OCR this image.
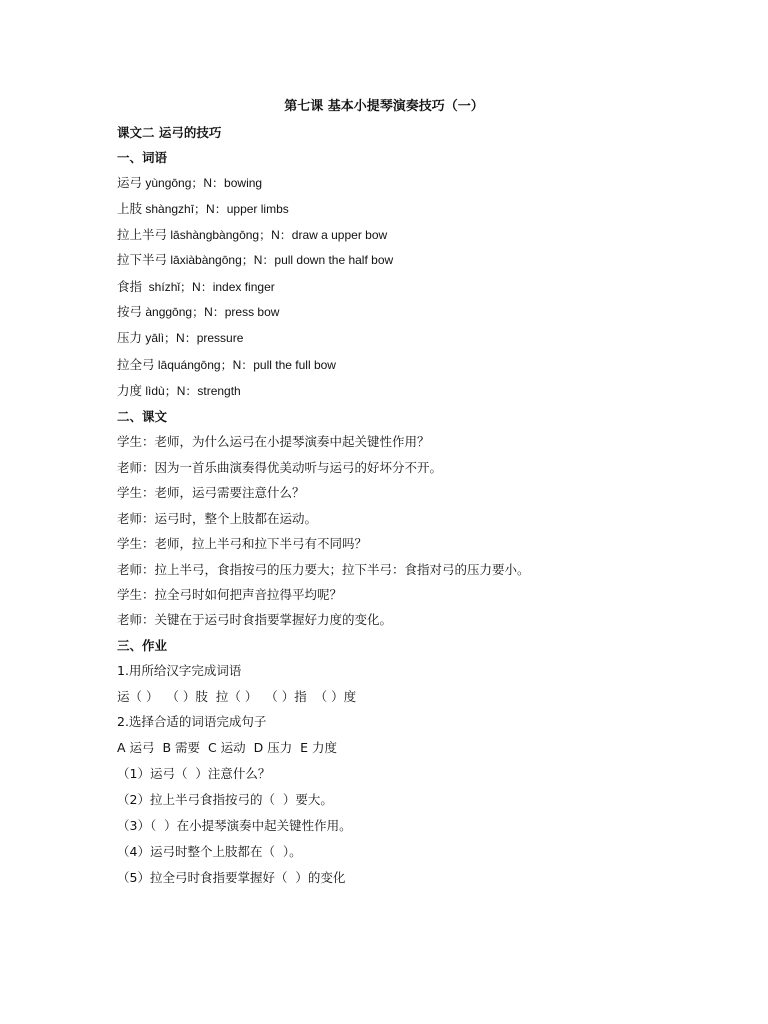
第七课 基本小提琴演奏技巧（一）
课文二 运弓的技巧
一、词语
运弓 yùngōng；N：bowing
上肢 shàngzhī；N：upper limbs
拉上半弓 lāshàngbàngōng；N：draw a upper bow
拉下半弓 lāxiàbàngōng；N：pull down the half bow
食指  shízhǐ；N：index finger
按弓 ànggōng；N：press bow
压力 yālì；N：pressure
拉全弓 lāquángōng；N：pull the full bow
力度 lìdù；N：strength
二、课文
学生：老师，为什么运弓在小提琴演奏中起关键性作用？
老师：因为一首乐曲演奏得优美动听与运弓的好坏分不开。
学生：老师，运弓需要注意什么？
老师：运弓时，整个上肢都在运动。
学生：老师，拉上半弓和拉下半弓有不同吗？
老师：拉上半弓，食指按弓的压力要大；拉下半弓：食指对弓的压力要小。
学生：拉全弓时如何把声音拉得平均呢？
老师：关键在于运弓时食指要掌握好力度的变化。
三、作业
1.用所给汉字完成词语
运（ ）  （ ）肢  拉（ ）  （ ）指  （ ）度
2.选择合适的词语完成句子
A 运弓  B 需要  C 运动  D 压力  E 力度
（1）运弓（  ）注意什么？
（2）拉上半弓食指按弓的（  ）要大。
（3）（  ）在小提琴演奏中起关键性作用。
（4）运弓时整个上肢都在（  ）。
（5）拉全弓时食指要掌握好（  ）的变化
